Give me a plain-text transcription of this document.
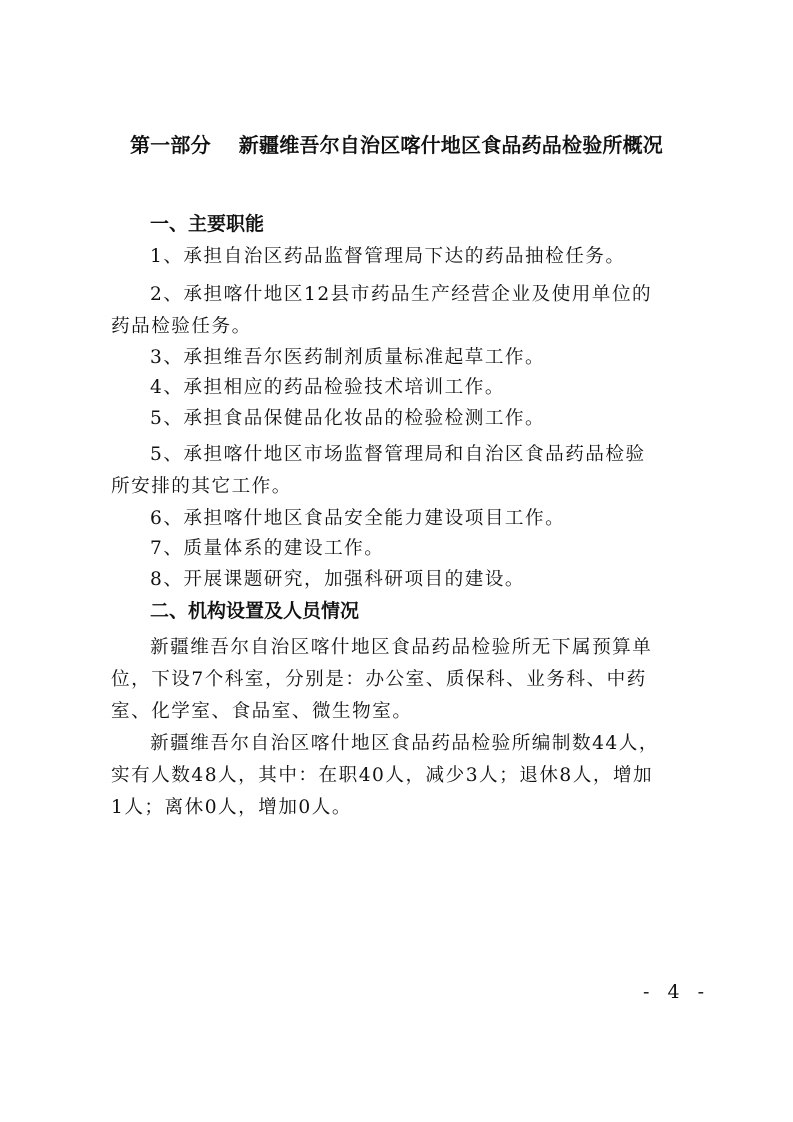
第一部分 新疆维吾尔自治区喀什地区食品药品检验所概况
一、主要职能
1、承担自治区药品监督管理局下达的药品抽检任务。
2、承担喀什地区12县市药品生产经营企业及使用单位的
药品检验任务。
3、承担维吾尔医药制剂质量标准起草工作。
4、承担相应的药品检验技术培训工作。
5、承担食品保健品化妆品的检验检测工作。
5、承担喀什地区市场监督管理局和自治区食品药品检验
所安排的其它工作。
6、承担喀什地区食品安全能力建设项目工作。
7、质量体系的建设工作。
8、开展课题研究，加强科研项目的建设。
二、机构设置及人员情况
新疆维吾尔自治区喀什地区食品药品检验所无下属预算单
位，下设7个科室，分别是：办公室、质保科、业务科、中药
室、化学室、食品室、微生物室。
新疆维吾尔自治区喀什地区食品药品检验所编制数44人，
实有人数48人，其中：在职40人，减少3人；退休8人，增加
1人；离休0人，增加0人。
- 4 -
